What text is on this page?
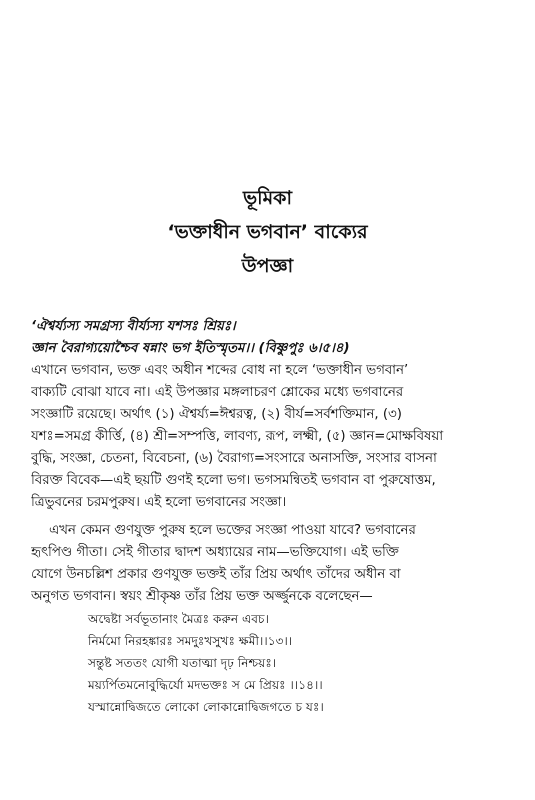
ভূমিকা
‘ভক্তাধীন ভগবান’ বাক্যের
উপজ্ঞা
‘ঐশ্বর্য্যস্য সমগ্রস্য বীর্য্যস্য যশসঃ শ্রিয়ঃ।
জ্ঞান বৈরাগ্যয়োশ্চৈব ষন্নাং ভগ ইতিস্মৃতম।। (বিষ্ণুপুঃ ৬।৫।৪)
এখানে ভগবান, ভক্ত এবং অধীন শব্দের বোধ না হলে ‘ভক্তাধীন ভগবান’
বাক্যটি বোঝা যাবে না। এই উপজ্ঞার মঙ্গলাচরণ শ্লোকের মধ্যে ভগবানের
সংজ্ঞাটি রয়েছে। অর্থাৎ (১) ঐশ্বর্য্য=ঈশ্বরত্ব, (২) বীর্য=সর্বশক্তিমান, (৩)
যশঃ=সমগ্র কীর্ত্তি, (৪) শ্রী=সম্পত্তি, লাবণ্য, রূপ, লক্ষ্মী, (৫) জ্ঞান=মোক্ষবিষয়া
বুদ্ধি, সংজ্ঞা, চেতনা, বিবেচনা, (৬) বৈরাগ্য=সংসারে অনাসক্তি, সংসার বাসনা
বিরক্ত বিবেক—এই ছয়টি গুণই হলো ভগ। ভগসমন্বিতই ভগবান বা পুরুষোত্তম,
ত্রিভুবনের চরমপুরুষ। এই হলো ভগবানের সংজ্ঞা।
এখন কেমন গুণযুক্ত পুরুষ হলে ভক্তের সংজ্ঞা পাওয়া যাবে? ভগবানের
হৃৎপিণ্ড গীতা। সেই গীতার দ্বাদশ অধ্যায়ের নাম—ভক্তিযোগ। এই ভক্তি
যোগে উনচল্লিশ প্রকার গুণযুক্ত ভক্তই তাঁর প্রিয় অর্থাৎ তাঁদের অধীন বা
অনুগত ভগবান। স্বয়ং শ্রীকৃষ্ণ তাঁর প্রিয় ভক্ত অর্জ্জুনকে বলেছেন—
অদ্বেষ্টা সর্বভূতানাং মৈত্রঃ করুন এবচ।
নির্মমো নিরহঙ্কারঃ সমদুঃখসুখঃ ক্ষমী।।১৩।।
সন্তুষ্ট সততং যোগী যতাত্মা দৃঢ় নিশ্চয়ঃ।
ময়্যর্পিতমনোবুদ্ধির্যো মদভক্তঃ স মে প্রিয়ঃ ।।১৪।।
যস্মান্নোদ্বিজতে লোকো লোকান্নোদ্বিজগতে চ যঃ।
